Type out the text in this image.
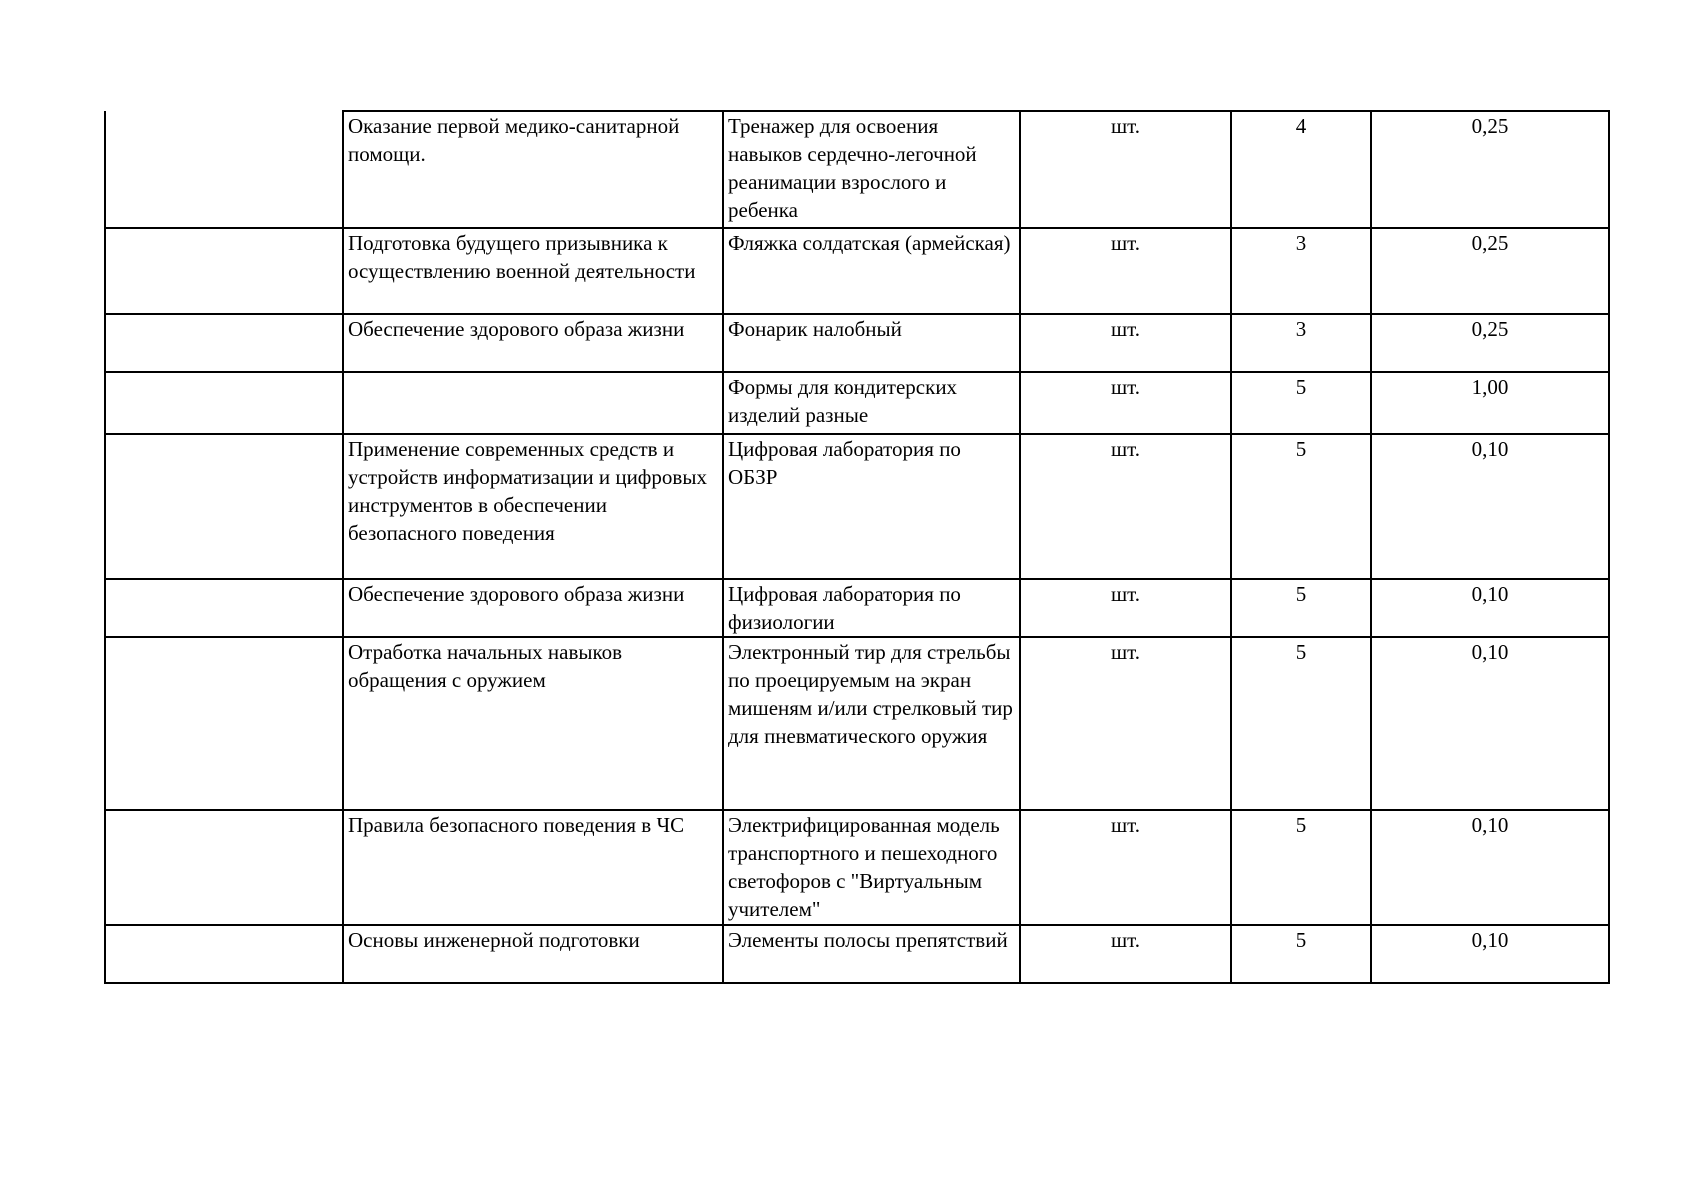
	Оказание первой медико-санитарной помощи.	Тренажер для освоения навыков сердечно-легочной реанимации взрослого и ребенка	шт.	4	0,25

	Подготовка будущего призывника к осуществлению военной деятельности	Фляжка солдатская (армейская)	шт.	3	0,25

	Обеспечение здорового образа жизни	Фонарик налобный	шт.	3	0,25

		Формы для кондитерских изделий разные	шт.	5	1,00

	Применение современных средств и устройств информатизации и цифровых инструментов в обеспечении безопасного поведения	Цифровая лаборатория по ОБЗР	шт.	5	0,10

	Обеспечение здорового образа жизни	Цифровая лаборатория по физиологии	шт.	5	0,10

	Отработка начальных навыков обращения с оружием	Электронный тир для стрельбы по проецируемым на экран мишеням и/или стрелковый тир для пневматического оружия	шт.	5	0,10

	Правила безопасного поведения в ЧС	Электрифицированная модель транспортного и пешеходного светофоров с "Виртуальным учителем"	шт.	5	0,10

	Основы инженерной подготовки	Элементы полосы препятствий	шт.	5	0,10
